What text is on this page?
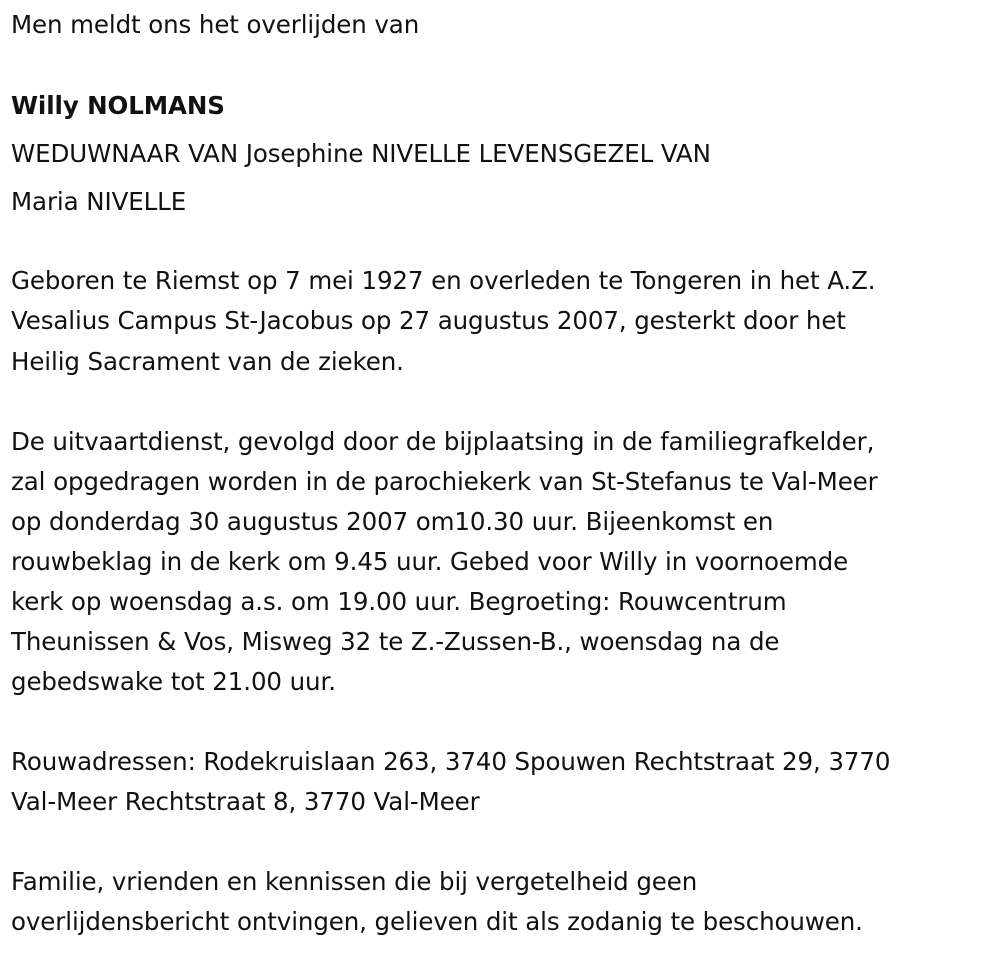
Men meldt ons het overlijden van
Willy NOLMANS
WEDUWNAAR VAN Josephine NIVELLE LEVENSGEZEL VAN
Maria NIVELLE
Geboren te Riemst op 7 mei 1927 en overleden te Tongeren in het A.Z.
Vesalius Campus St-Jacobus op 27 augustus 2007, gesterkt door het
Heilig Sacrament van de zieken.
De uitvaartdienst, gevolgd door de bijplaatsing in de familiegrafkelder,
zal opgedragen worden in de parochiekerk van St-Stefanus te Val-Meer
op donderdag 30 augustus 2007 om10.30 uur. Bijeenkomst en
rouwbeklag in de kerk om 9.45 uur. Gebed voor Willy in voornoemde
kerk op woensdag a.s. om 19.00 uur. Begroeting: Rouwcentrum
Theunissen & Vos, Misweg 32 te Z.-Zussen-B., woensdag na de
gebedswake tot 21.00 uur.
Rouwadressen: Rodekruislaan 263, 3740 Spouwen Rechtstraat 29, 3770
Val-Meer Rechtstraat 8, 3770 Val-Meer
Familie, vrienden en kennissen die bij vergetelheid geen
overlijdensbericht ontvingen, gelieven dit als zodanig te beschouwen.
